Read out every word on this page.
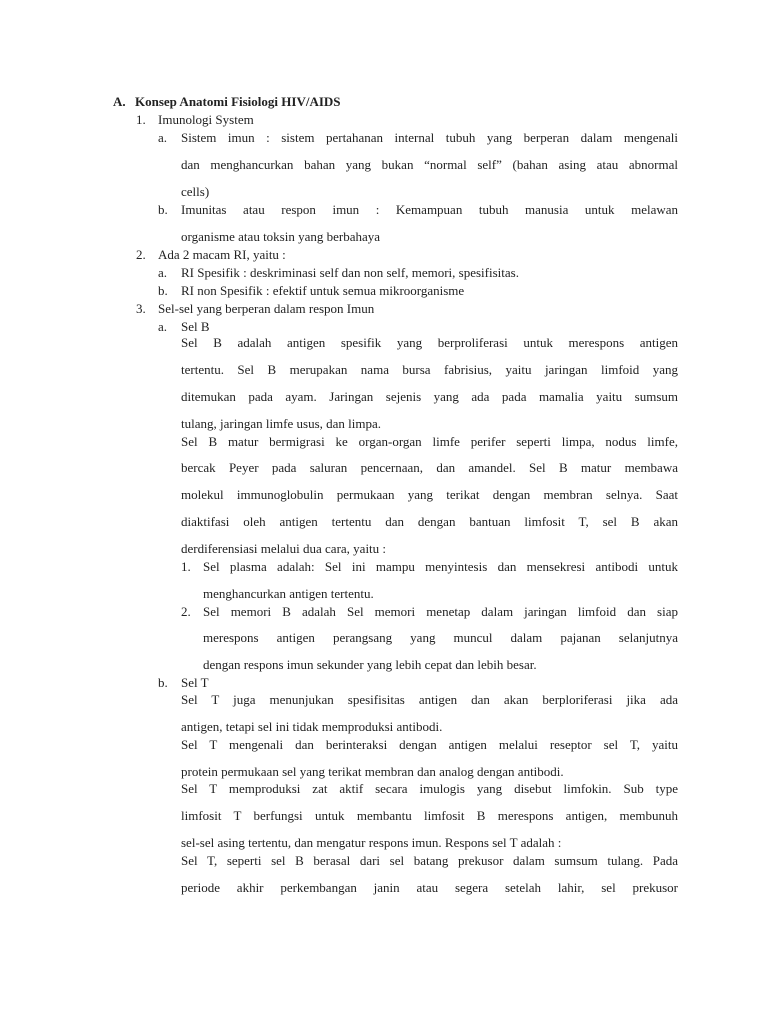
A. Konsep Anatomi Fisiologi HIV/AIDS
1. Imunologi System
a. Sistem imun : sistem pertahanan internal tubuh yang berperan dalam mengenali
dan menghancurkan bahan yang bukan “normal self” (bahan asing atau abnormal
cells)
b. Imunitas atau respon imun : Kemampuan tubuh manusia untuk melawan
organisme atau toksin yang berbahaya
2. Ada 2 macam RI, yaitu :
a. RI Spesifik : deskriminasi self dan non self, memori, spesifisitas.
b. RI non Spesifik : efektif untuk semua mikroorganisme
3. Sel-sel yang berperan dalam respon Imun
a. Sel B
Sel B adalah antigen spesifik yang berproliferasi untuk merespons antigen
tertentu. Sel B merupakan nama bursa fabrisius, yaitu jaringan limfoid yang
ditemukan pada ayam. Jaringan sejenis yang ada pada mamalia yaitu sumsum
tulang, jaringan limfe usus, dan limpa.
Sel B matur bermigrasi ke organ-organ limfe perifer seperti limpa, nodus limfe,
bercak Peyer pada saluran pencernaan, dan amandel. Sel B matur membawa
molekul immunoglobulin permukaan yang terikat dengan membran selnya. Saat
diaktifasi oleh antigen tertentu dan dengan bantuan limfosit T, sel B akan
derdiferensiasi melalui dua cara, yaitu :
1. Sel plasma adalah: Sel ini mampu menyintesis dan mensekresi antibodi untuk
menghancurkan antigen tertentu.
2. Sel memori B adalah Sel memori menetap dalam jaringan limfoid dan siap
merespons antigen perangsang yang muncul dalam pajanan selanjutnya
dengan respons imun sekunder yang lebih cepat dan lebih besar.
b. Sel T
Sel T juga menunjukan spesifisitas antigen dan akan berploriferasi jika ada
antigen, tetapi sel ini tidak memproduksi antibodi.
Sel T mengenali dan berinteraksi dengan antigen melalui reseptor sel T, yaitu
protein permukaan sel yang terikat membran dan analog dengan antibodi.
Sel T memproduksi zat aktif secara imulogis yang disebut limfokin. Sub type
limfosit T berfungsi untuk membantu limfosit B merespons antigen, membunuh
sel-sel asing tertentu, dan mengatur respons imun. Respons sel T adalah :
Sel T, seperti sel B berasal dari sel batang prekusor dalam sumsum tulang. Pada
periode akhir perkembangan janin atau segera setelah lahir, sel prekusor
